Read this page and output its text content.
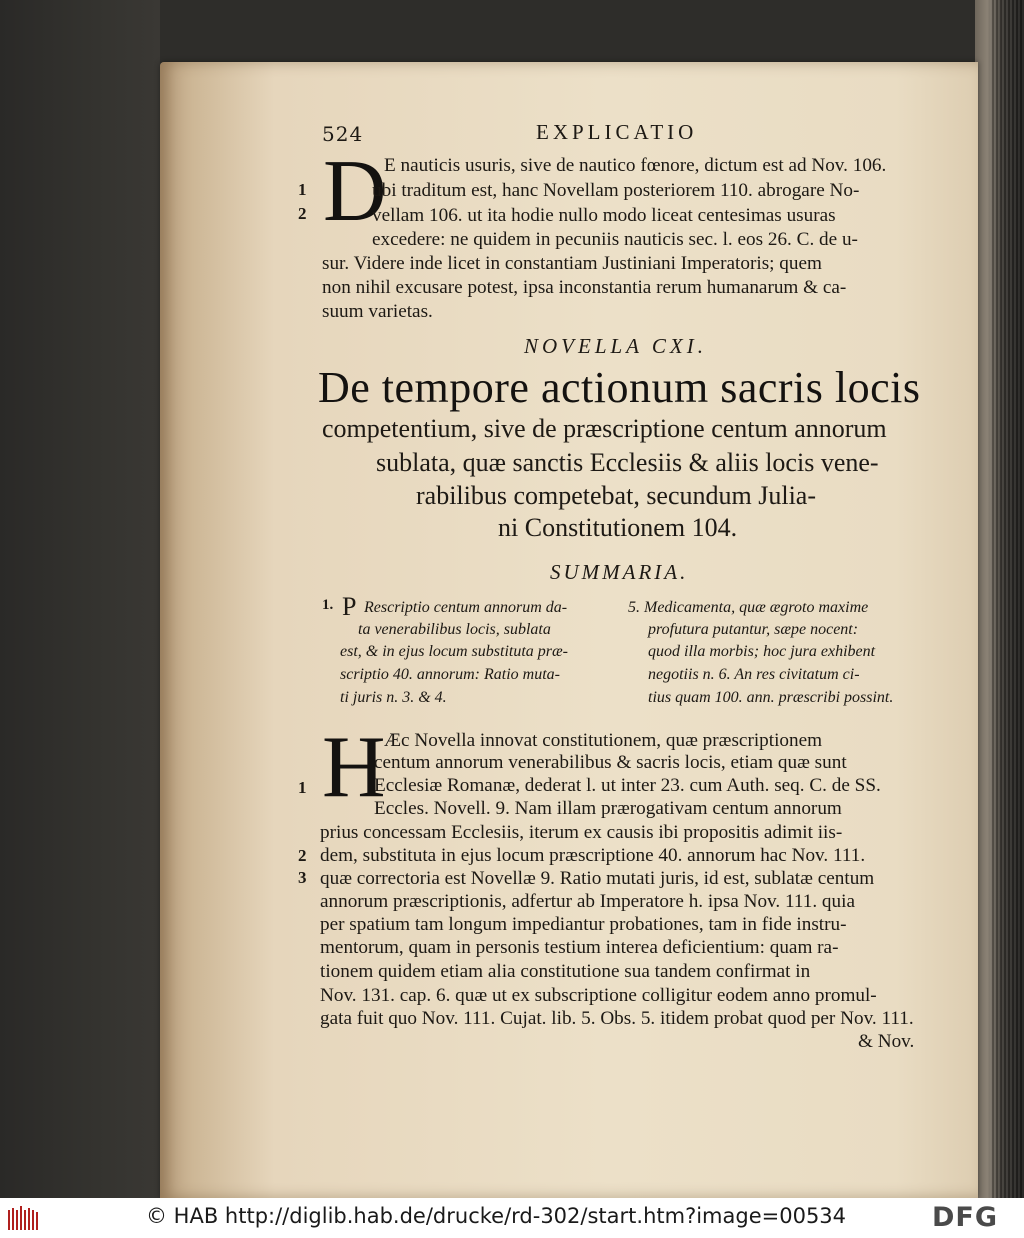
524	EXPLICATIO
D
E nauticis usuris, sive de nautico fœnore, dictum est ad Nov. 106.
ubi traditum est, hanc Novellam posteriorem 110. abrogare No-
vellam 106. ut ita hodie nullo modo liceat centesimas usuras
excedere: ne quidem in pecuniis nauticis sec. l. eos 26. C. de u-
sur. Videre inde licet in constantiam Justiniani Imperatoris; quem
non nihil excusare potest, ipsa inconstantia rerum humanarum & ca-
suum varietas.
1
2
NOVELLA CXI.
De tempore actionum sacris locis
competentium, sive de præscriptione centum annorum
sublata, quæ sanctis Ecclesiis & aliis locis vene-
rabilibus competebat, secundum Julia-
ni Constitutionem 104.
SUMMARIA.
1. P Rescriptio centum annorum da-
ta venerabilibus locis, sublata
est, & in ejus locum substituta præ-
scriptio 40. annorum: Ratio muta-
ti juris n. 3. & 4.
5. Medicamenta, quæ ægroto maxime
profutura putantur, sæpe nocent:
quod illa morbis; hoc jura exhibent
negotiis n. 6. An res civitatum ci-
tius quam 100. ann. præscribi possint.
H
Æc Novella innovat constitutionem, quæ præscriptionem
centum annorum venerabilibus & sacris locis, etiam quæ sunt
Ecclesiæ Romanæ, dederat l. ut inter 23. cum Auth. seq. C. de SS.
Eccles. Novell. 9. Nam illam prærogativam centum annorum
prius concessam Ecclesiis, iterum ex causis ibi propositis adimit iis-
dem, substituta in ejus locum præscriptione 40. annorum hac Nov. 111.
quæ correctoria est Novellæ 9. Ratio mutati juris, id est, sublatæ centum
annorum præscriptionis, adfertur ab Imperatore h. ipsa Nov. 111. quia
per spatium tam longum impediantur probationes, tam in fide instru-
mentorum, quam in personis testium interea deficientium: quam ra-
tionem quidem etiam alia constitutione sua tandem confirmat in
Nov. 131. cap. 6. quæ ut ex subscriptione colligitur eodem anno promul-
gata fuit quo Nov. 111. Cujat. lib. 5. Obs. 5. itidem probat quod per Nov. 111.
& Nov.
1
2
3
© HAB http://diglib.hab.de/drucke/rd-302/start.htm?image=00534	DFG
